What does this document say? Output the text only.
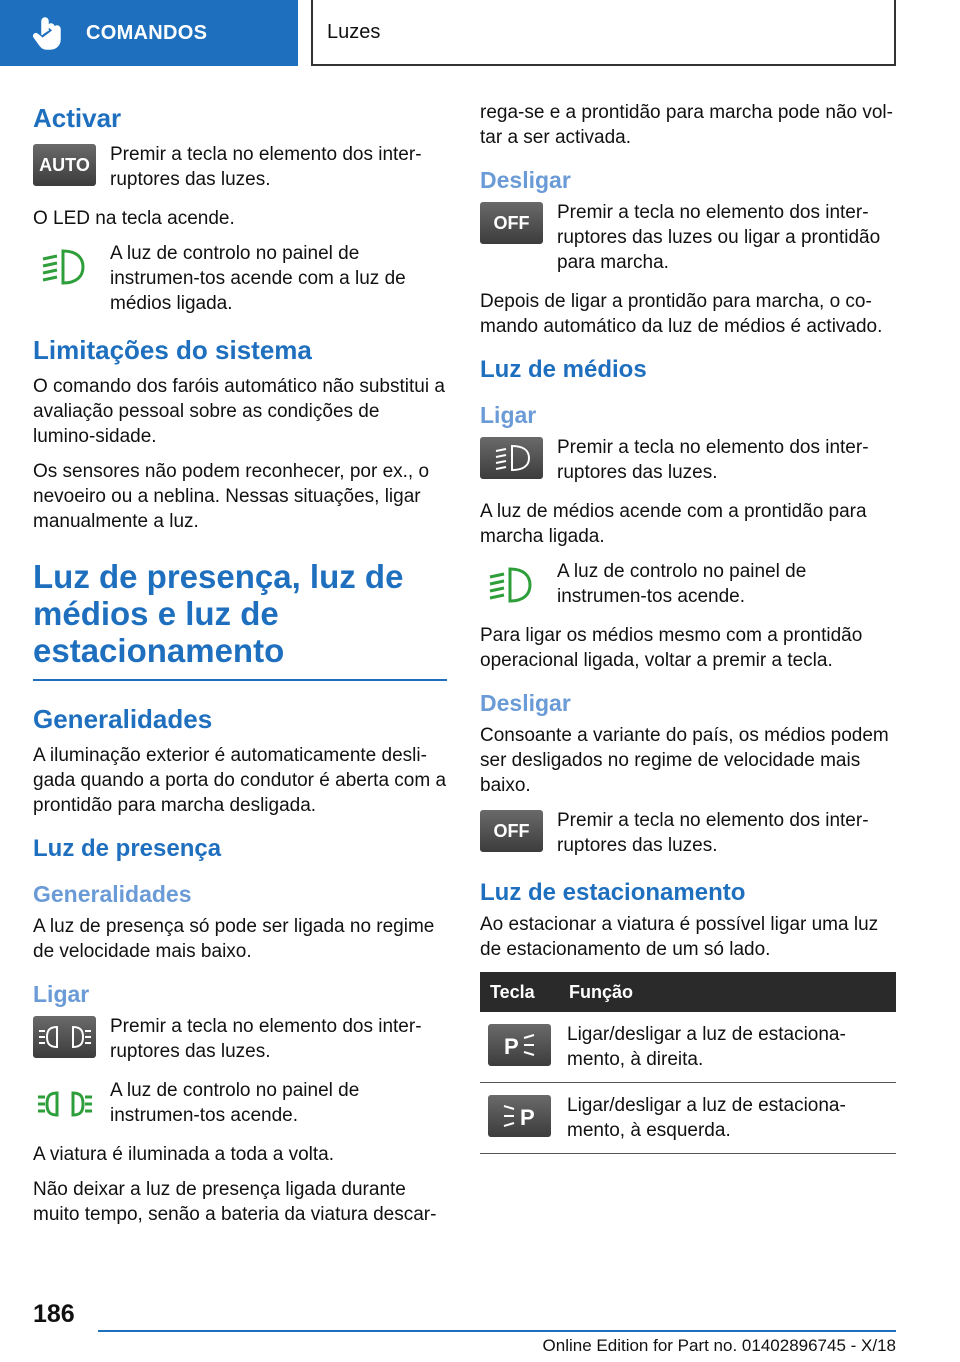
COMANDOS	Luzes
Activar
AUTO	Premir a tecla no elemento dos inter-ruptores das luzes.

O LED na tecla acende.

A luz de controlo no painel de instrumen-tos acende com a luz de médios ligada.
Limitações do sistema

O comando dos faróis automático não substitui a avaliação pessoal sobre as condições de lumino-sidade.

Os sensores não podem reconhecer, por ex., o nevoeiro ou a neblina. Nessas situações, ligar manualmente a luz.

Luz de presença, luz de médios e luz de estacionamento
Generalidades

A iluminação exterior é automaticamente desli-gada quando a porta do condutor é aberta com a prontidão para marcha desligada.

Luz de presença
Generalidades

A luz de presença só pode ser ligada no regime de velocidade mais baixo.

Ligar
Premir a tecla no elemento dos inter-ruptores das luzes.
A luz de controlo no painel de instrumen-tos acende.

A viatura é iluminada a toda a volta.

Não deixar a luz de presença ligada durante muito tempo, senão a bateria da viatura descar-

rega-se e a prontidão para marcha pode não vol-tar a ser activada.

Desligar
OFF	Premir a tecla no elemento dos inter-ruptores das luzes ou ligar a prontidão para marcha.

Depois de ligar a prontidão para marcha, o co-mando automático da luz de médios é activado.

Luz de médios
Ligar
Premir a tecla no elemento dos inter-ruptores das luzes.

A luz de médios acende com a prontidão para marcha ligada.

A luz de controlo no painel de instrumen-tos acende.

Para ligar os médios mesmo com a prontidão operacional ligada, voltar a premir a tecla.

Desligar

Consoante a variante do país, os médios podem ser desligados no regime de velocidade mais baixo.

OFF	Premir a tecla no elemento dos inter-ruptores das luzes.
Luz de estacionamento

Ao estacionar a viatura é possível ligar uma luz de estacionamento de um só lado.

Tecla	Função

P	Ligar/desligar a luz de estaciona-mento, à direita.

P	Ligar/desligar a luz de estaciona-mento, à esquerda.
186
Online Edition for Part no. 01402896745 - X/18
